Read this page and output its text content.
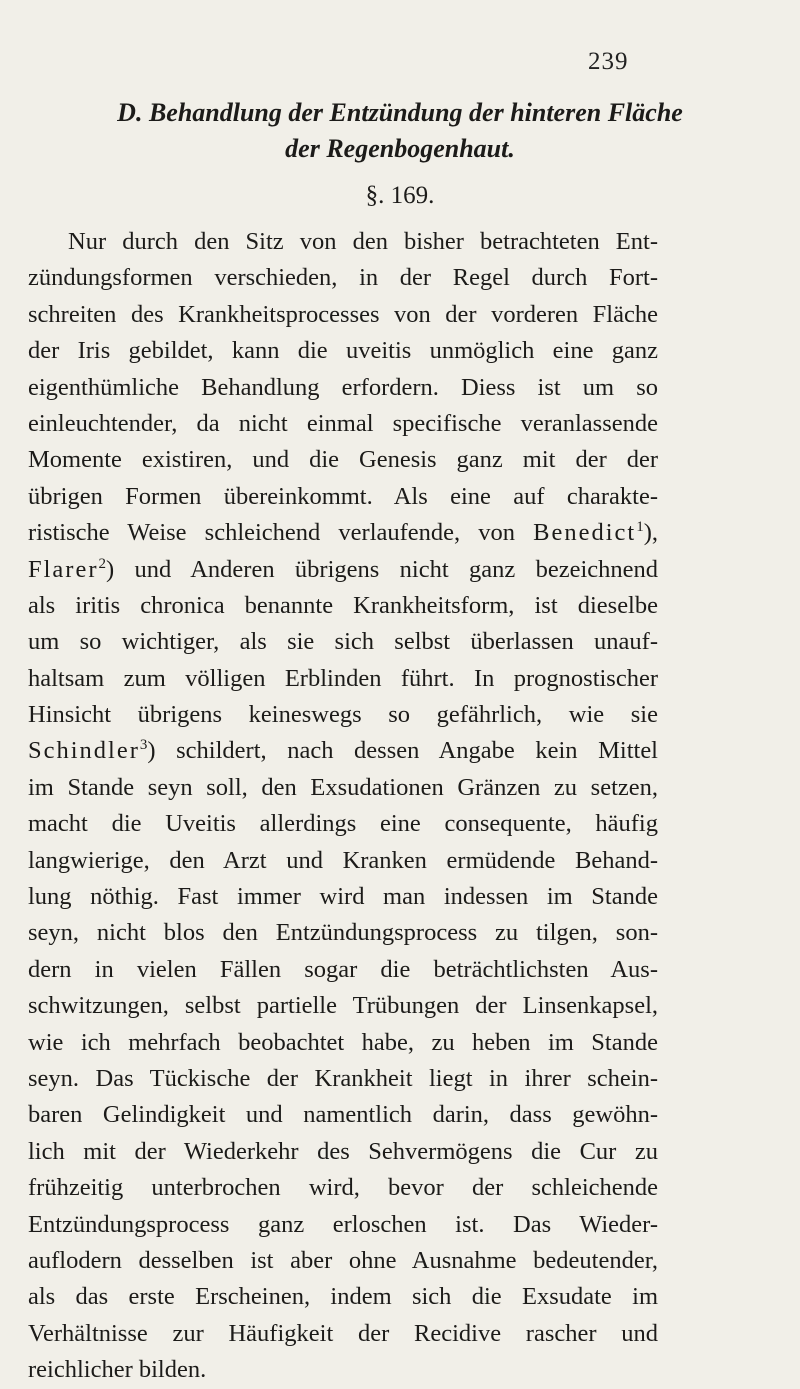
239
D. Behandlung der Entzündung der hinteren Fläche
der Regenbogenhaut.
§. 169.
Nur durch den Sitz von den bisher betrachteten Ent-
zündungsformen verschieden, in der Regel durch Fort-
schreiten des Krankheitsprocesses von der vorderen Fläche
der Iris gebildet, kann die uveitis unmöglich eine ganz
eigenthümliche Behandlung erfordern. Diess ist um so
einleuchtender, da nicht einmal specifische veranlassende
Momente existiren, und die Genesis ganz mit der der
übrigen Formen übereinkommt. Als eine auf charakte-
ristische Weise schleichend verlaufende, von Benedict$^1$),
Flarer$^2$) und Anderen übrigens nicht ganz bezeichnend
als iritis chronica benannte Krankheitsform, ist dieselbe
um so wichtiger, als sie sich selbst überlassen unauf-
haltsam zum völligen Erblinden führt. In prognostischer
Hinsicht übrigens keineswegs so gefährlich, wie sie
Schindler$^3$) schildert, nach dessen Angabe kein Mittel
im Stande seyn soll, den Exsudationen Gränzen zu setzen,
macht die Uveitis allerdings eine consequente, häufig
langwierige, den Arzt und Kranken ermüdende Behand-
lung nöthig. Fast immer wird man indessen im Stande
seyn, nicht blos den Entzündungsprocess zu tilgen, son-
dern in vielen Fällen sogar die beträchtlichsten Aus-
schwitzungen, selbst partielle Trübungen der Linsenkapsel,
wie ich mehrfach beobachtet habe, zu heben im Stande
seyn. Das Tückische der Krankheit liegt in ihrer schein-
baren Gelindigkeit und namentlich darin, dass gewöhn-
lich mit der Wiederkehr des Sehvermögens die Cur zu
frühzeitig unterbrochen wird, bevor der schleichende
Entzündungsprocess ganz erloschen ist. Das Wieder-
auflodern desselben ist aber ohne Ausnahme bedeutender,
als das erste Erscheinen, indem sich die Exsudate im
Verhältnisse zur Häufigkeit der Recidive rascher und
reichlicher bilden.
